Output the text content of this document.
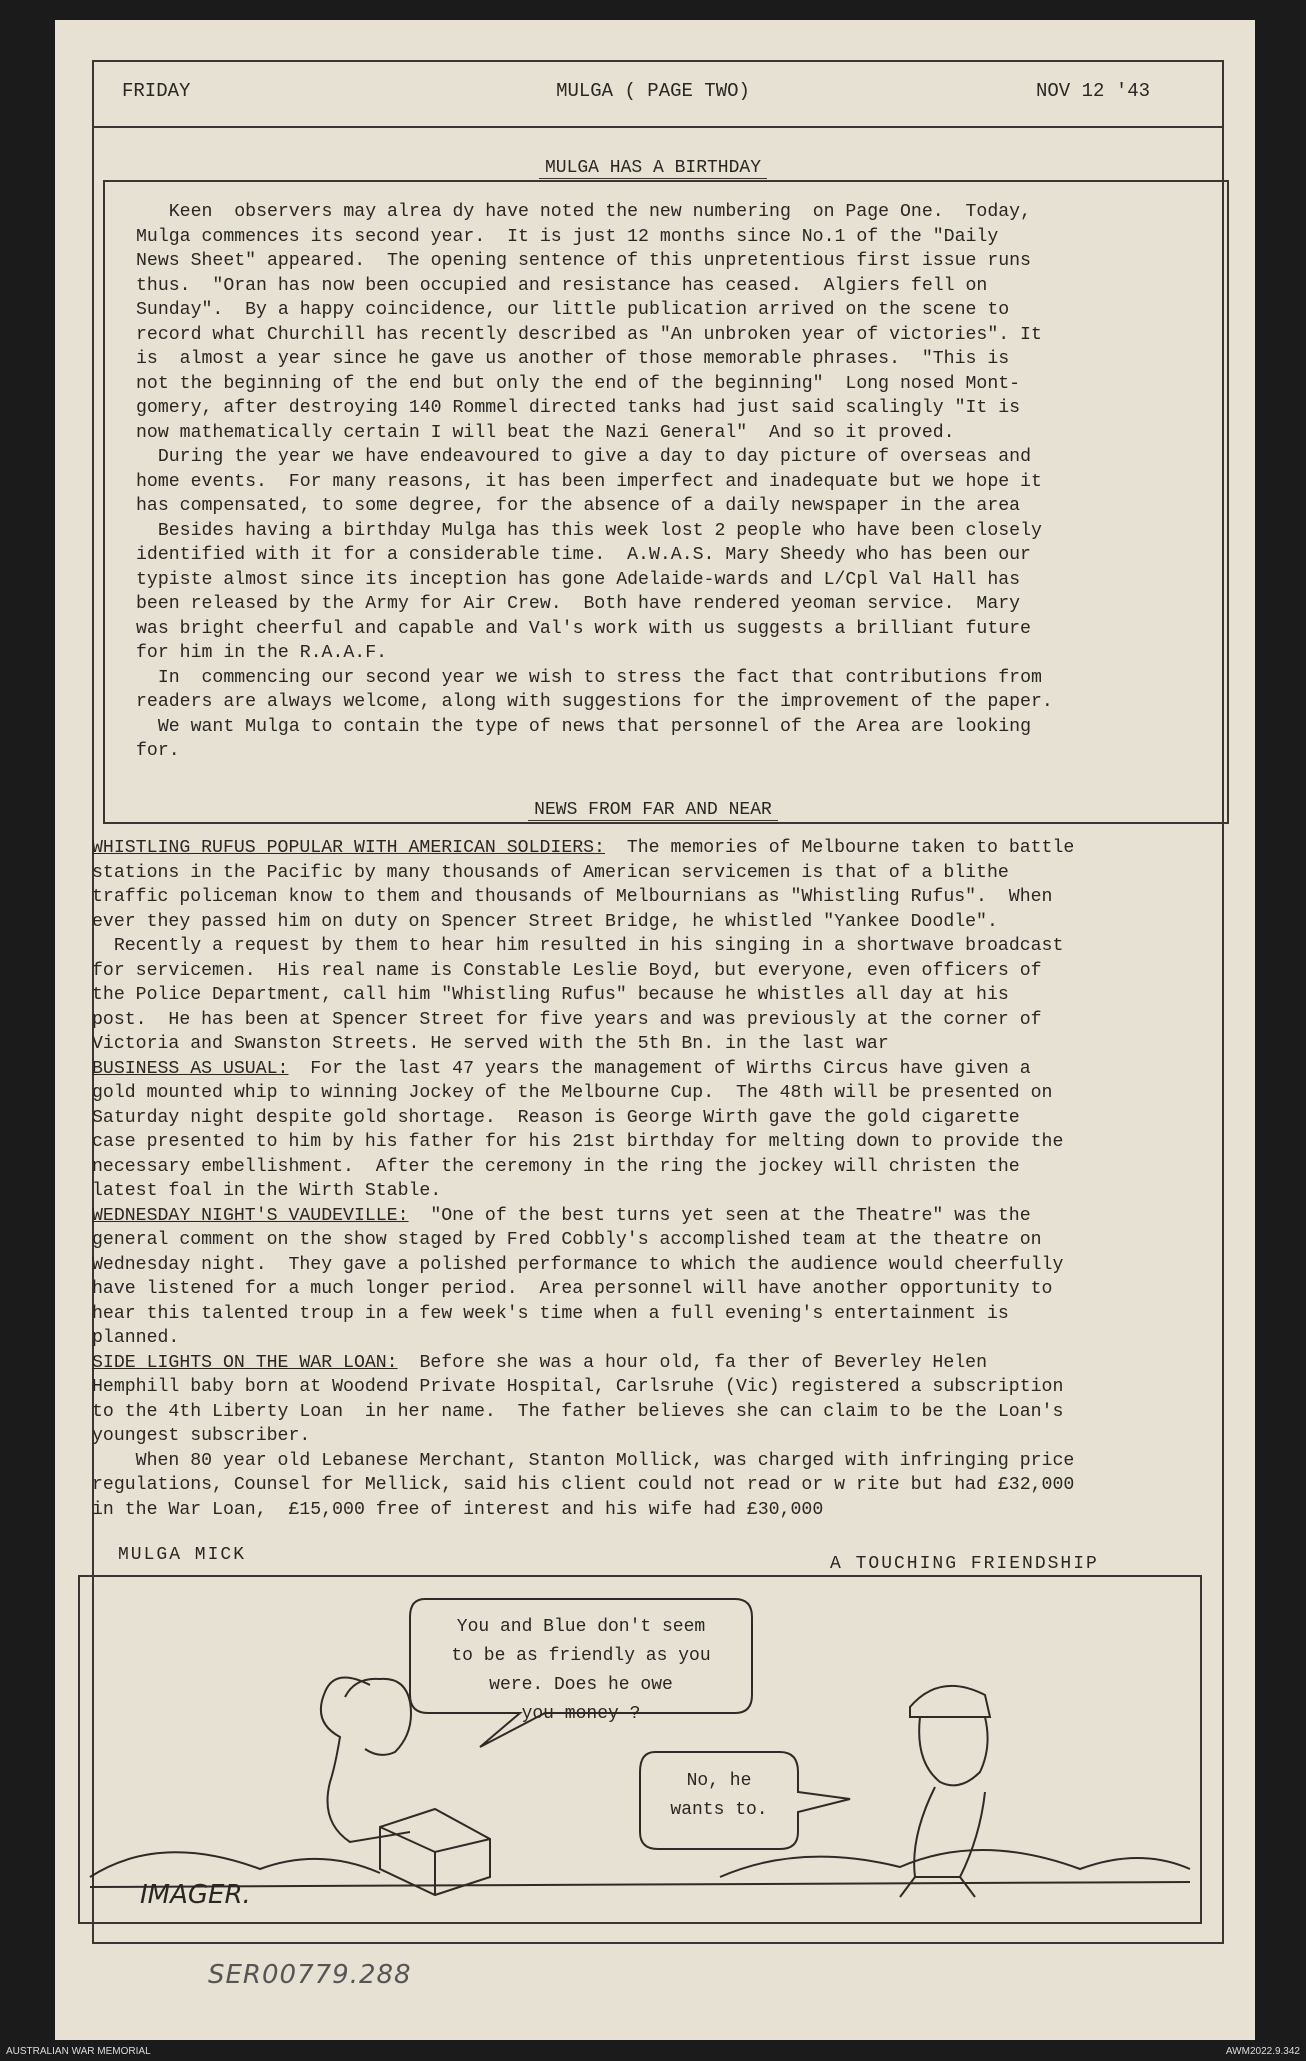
FRIDAY	MULGA ( PAGE TWO)	NOV 12 '43
MULGA HAS A BIRTHDAY
Keen  observers may alrea dy have noted the new numbering  on Page One.  Today,
Mulga commences its second year.  It is just 12 months since No.1 of the "Daily
News Sheet" appeared.  The opening sentence of this unpretentious first issue runs
thus.  "Oran has now been occupied and resistance has ceased.  Algiers fell on
Sunday".  By a happy coincidence, our little publication arrived on the scene to
record what Churchill has recently described as "An unbroken year of victories". It
is  almost a year since he gave us another of those memorable phrases.  "This is
not the beginning of the end but only the end of the beginning"  Long nosed Mont-
gomery, after destroying 140 Rommel directed tanks had just said scalingly "It is
now mathematically certain I will beat the Nazi General"  And so it proved.
During the year we have endeavoured to give a day to day picture of overseas and
home events.  For many reasons, it has been imperfect and inadequate but we hope it
has compensated, to some degree, for the absence of a daily newspaper in the area
Besides having a birthday Mulga has this week lost 2 people who have been closely
identified with it for a considerable time.  A.W.A.S. Mary Sheedy who has been our
typiste almost since its inception has gone Adelaide-wards and L/Cpl Val Hall has
been released by the Army for Air Crew.  Both have rendered yeoman service.  Mary
was bright cheerful and capable and Val's work with us suggests a brilliant future
for him in the R.A.A.F.
In  commencing our second year we wish to stress the fact that contributions from
readers are always welcome, along with suggestions for the improvement of the paper.
We want Mulga to contain the type of news that personnel of the Area are looking
for.
NEWS FROM FAR AND NEAR
WHISTLING RUFUS POPULAR WITH AMERICAN SOLDIERS:  The memories of Melbourne taken to battle
stations in the Pacific by many thousands of American servicemen is that of a blithe
traffic policeman know to them and thousands of Melbournians as "Whistling Rufus".  When
ever they passed him on duty on Spencer Street Bridge, he whistled "Yankee Doodle".
Recently a request by them to hear him resulted in his singing in a shortwave broadcast
for servicemen.  His real name is Constable Leslie Boyd, but everyone, even officers of
the Police Department, call him "Whistling Rufus" because he whistles all day at his
post.  He has been at Spencer Street for five years and was previously at the corner of
Victoria and Swanston Streets. He served with the 5th Bn. in the last war
BUSINESS AS USUAL:  For the last 47 years the management of Wirths Circus have given a
gold mounted whip to winning Jockey of the Melbourne Cup.  The 48th will be presented on
Saturday night despite gold shortage.  Reason is George Wirth gave the gold cigarette
case presented to him by his father for his 21st birthday for melting down to provide the
necessary embellishment.  After the ceremony in the ring the jockey will christen the
latest foal in the Wirth Stable.
WEDNESDAY NIGHT'S VAUDEVILLE:  "One of the best turns yet seen at the Theatre" was the
general comment on the show staged by Fred Cobbly's accomplished team at the theatre on
Wednesday night.  They gave a polished performance to which the audience would cheerfully
have listened for a much longer period.  Area personnel will have another opportunity to
hear this talented troup in a few week's time when a full evening's entertainment is
planned.
SIDE LIGHTS ON THE WAR LOAN:  Before she was a hour old, fa ther of Beverley Helen
Hemphill baby born at Woodend Private Hospital, Carlsruhe (Vic) registered a subscription
to the 4th Liberty Loan  in her name.  The father believes she can claim to be the Loan's
youngest subscriber.
When 80 year old Lebanese Merchant, Stanton Mollick, was charged with infringing price
regulations, Counsel for Mellick, said his client could not read or w rite but had £32,000
in the War Loan,  £15,000 free of interest and his wife had £30,000
MULGA MICK	A TOUCHING FRIENDSHIP
You and Blue don't seem
to be as friendly as you
were. Does he owe
you money ?
No, he
wants to.
IMAGER.
SER00779.288
AUSTRALIAN WAR MEMORIAL	AWM2022.9.342
